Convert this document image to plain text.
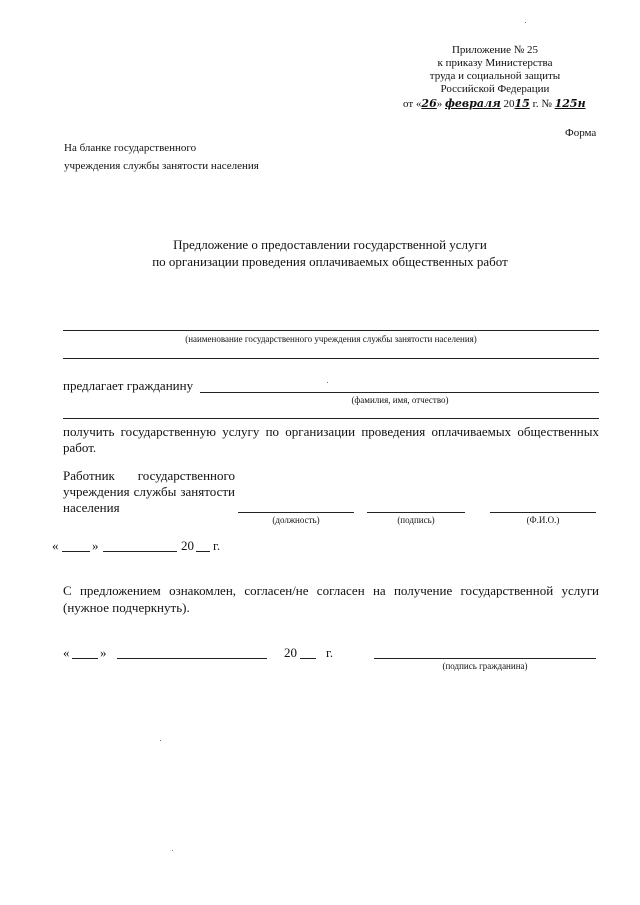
Приложение № 25
к приказу Министерства
труда и социальной защиты
Российской Федерации
от «26» февраля 2015 г. № 125н
Форма
На бланке государственного
учреждения службы занятости населения
Предложение о предоставлении государственной услуги
по организации проведения оплачиваемых общественных работ
(наименование государственного учреждения службы занятости населения)
предлагает гражданину
(фамилия, имя, отчество)
получить государственную услугу по организации проведения оплачиваемых общественных работ.
Работник государственного
учреждения службы занятости
населения
(должность)	(подпись)	(Ф.И.О.)
«	»	20 г.
С предложением ознакомлен, согласен/не согласен на получение государственной услуги (нужное подчеркнуть).
« »	20 г.
(подпись гражданина)
